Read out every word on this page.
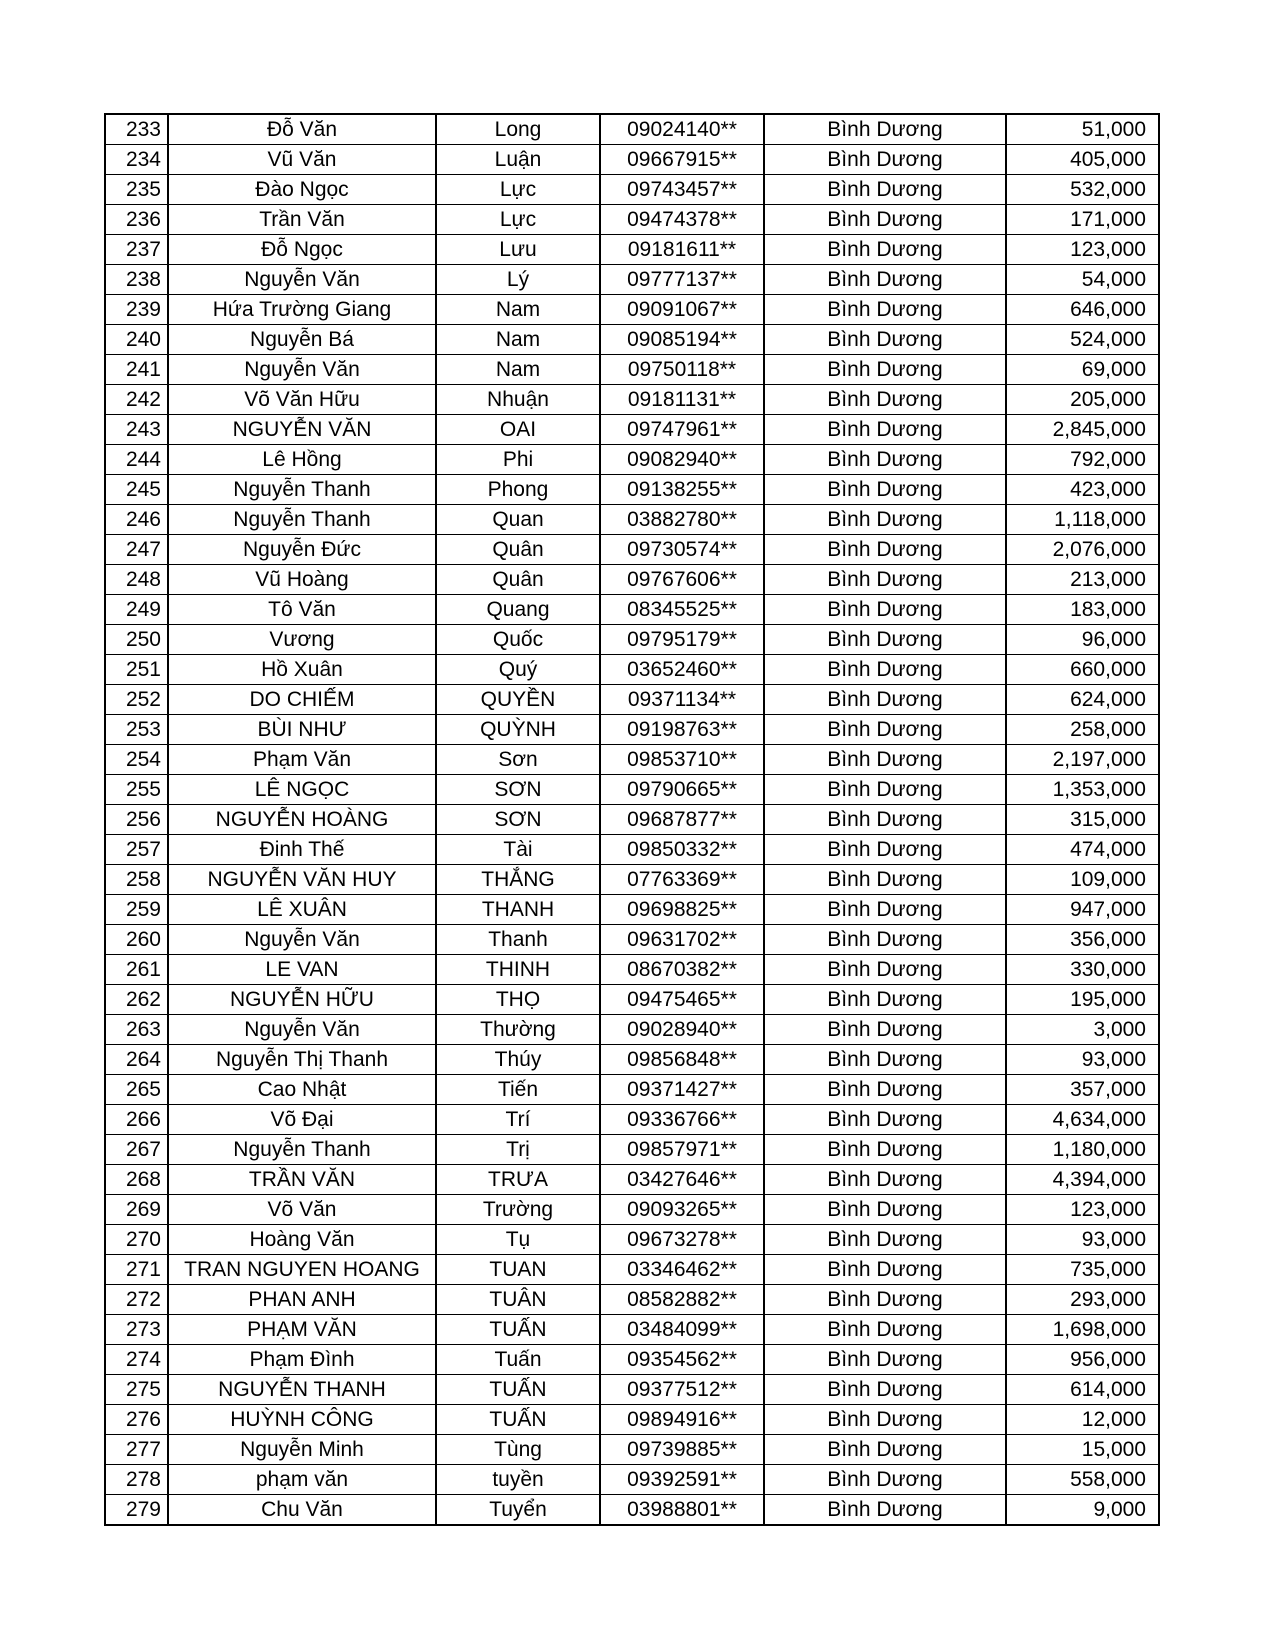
233	Đỗ Văn	Long	09024140**	Bình Dương	51,000
234	Vũ Văn	Luận	09667915**	Bình Dương	405,000
235	Đào Ngọc	Lực	09743457**	Bình Dương	532,000
236	Trần Văn	Lực	09474378**	Bình Dương	171,000
237	Đỗ Ngọc	Lưu	09181611**	Bình Dương	123,000
238	Nguyễn Văn	Lý	09777137**	Bình Dương	54,000
239	Hứa Trường Giang	Nam	09091067**	Bình Dương	646,000
240	Nguyễn Bá	Nam	09085194**	Bình Dương	524,000
241	Nguyễn Văn	Nam	09750118**	Bình Dương	69,000
242	Võ Văn Hữu	Nhuận	09181131**	Bình Dương	205,000
243	NGUYỄN VĂN	OAI	09747961**	Bình Dương	2,845,000
244	Lê Hồng	Phi	09082940**	Bình Dương	792,000
245	Nguyễn Thanh	Phong	09138255**	Bình Dương	423,000
246	Nguyễn Thanh	Quan	03882780**	Bình Dương	1,118,000
247	Nguyễn Đức	Quân	09730574**	Bình Dương	2,076,000
248	Vũ Hoàng	Quân	09767606**	Bình Dương	213,000
249	Tô Văn	Quang	08345525**	Bình Dương	183,000
250	Vương	Quốc	09795179**	Bình Dương	96,000
251	Hồ Xuân	Quý	03652460**	Bình Dương	660,000
252	DO CHIẾM	QUYỀN	09371134**	Bình Dương	624,000
253	BÙI NHƯ	QUỲNH	09198763**	Bình Dương	258,000
254	Phạm Văn	Sơn	09853710**	Bình Dương	2,197,000
255	LÊ NGỌC	SƠN	09790665**	Bình Dương	1,353,000
256	NGUYỄN HOÀNG	SƠN	09687877**	Bình Dương	315,000
257	Đinh Thế	Tài	09850332**	Bình Dương	474,000
258	NGUYỄN VĂN HUY	THẮNG	07763369**	Bình Dương	109,000
259	LÊ XUÂN	THANH	09698825**	Bình Dương	947,000
260	Nguyễn Văn	Thanh	09631702**	Bình Dương	356,000
261	LE VAN	THINH	08670382**	Bình Dương	330,000
262	NGUYỄN HỮU	THỌ	09475465**	Bình Dương	195,000
263	Nguyễn Văn	Thường	09028940**	Bình Dương	3,000
264	Nguyễn Thị Thanh	Thúy	09856848**	Bình Dương	93,000
265	Cao Nhật	Tiến	09371427**	Bình Dương	357,000
266	Võ Đại	Trí	09336766**	Bình Dương	4,634,000
267	Nguyễn Thanh	Trị	09857971**	Bình Dương	1,180,000
268	TRẦN VĂN	TRƯA	03427646**	Bình Dương	4,394,000
269	Võ Văn	Trường	09093265**	Bình Dương	123,000
270	Hoàng Văn	Tụ	09673278**	Bình Dương	93,000
271	TRAN NGUYEN HOANG	TUAN	03346462**	Bình Dương	735,000
272	PHAN ANH	TUÂN	08582882**	Bình Dương	293,000
273	PHẠM VĂN	TUẤN	03484099**	Bình Dương	1,698,000
274	Phạm Đình	Tuấn	09354562**	Bình Dương	956,000
275	NGUYỄN THANH	TUẤN	09377512**	Bình Dương	614,000
276	HUỲNH CÔNG	TUẤN	09894916**	Bình Dương	12,000
277	Nguyễn Minh	Tùng	09739885**	Bình Dương	15,000
278	phạm văn	tuyền	09392591**	Bình Dương	558,000
279	Chu Văn	Tuyển	03988801**	Bình Dương	9,000
